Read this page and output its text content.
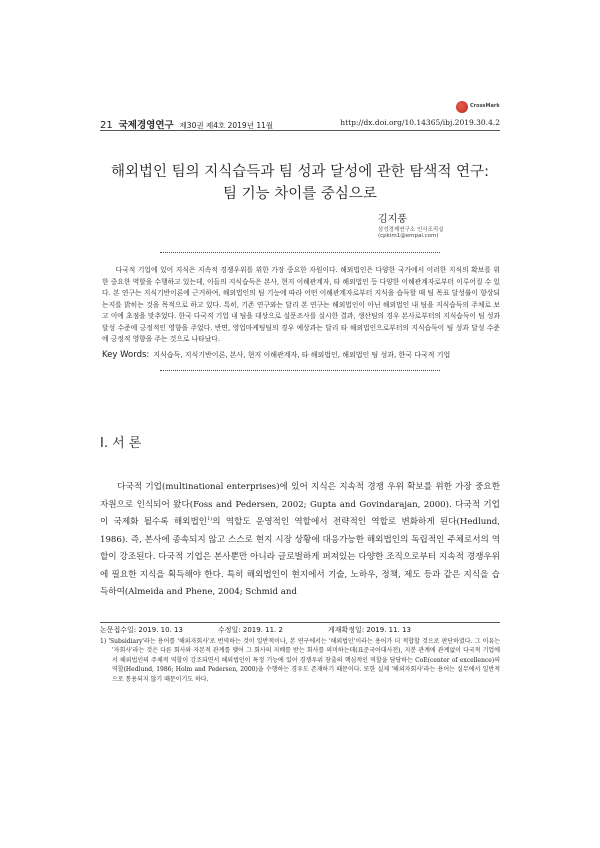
CrossMark
21 국제경영연구 제30권 제4호 2019년 11월	http://dx.doi.org/10.14365/ibj.2019.30.4.2
해외법인 팀의 지식습득과 팀 성과 달성에 관한 탐색적 연구:
팀 기능 차이를 중심으로
김지풍
삼성경제연구소 인사조직실
(cpkim1@empal.com)

다국적 기업에 있어 지식은 지속적 경쟁우위를 위한 가장 중요한 자원이다. 해외법인은 다양한 국가에서 이러한 지식의 확보를 위한 중요한 역할을 수행하고 있는데, 이들의 지식습득은 본사, 현지 이해관계자, 타 해외법인 등 다양한 이해관계자로부터 이루어질 수 있다. 본 연구는 지식기반이론에 근거하여, 해외법인의 팀 기능에 따라 어떤 이해관계자로부터 지식을 습득할 때 팀 목표 달성률이 향상되는지를 밝히는 것을 목적으로 하고 있다. 특히, 기존 연구와는 달리 본 연구는 해외법인이 아닌 해외법인 내 팀을 지식습득의 주체로 보고 이에 초점을 맞추었다. 한국 다국적 기업 내 팀을 대상으로 설문조사를 실시한 결과, 생산팀의 경우 본사로부터의 지식습득이 팀 성과 달성 수준에 긍정적인 영향을 주었다. 반면, 영업마케팅팀의 경우 예상과는 달리 타 해외법인으로부터의 지식습득이 팀 성과 달성 수준에 긍정적 영향을 주는 것으로 나타났다.

Key Words: 지식습득, 지식기반이론, 본사, 현지 이해관계자, 타 해외법인, 해외법인 팀 성과, 한국 다국적 기업
Ⅰ. 서 론

다국적 기업(multinational enterprises)에 있어 지식은 지속적 경쟁 우위 확보를 위한 가장 중요한 자원으로 인식되어 왔다(Foss and Pedersen, 2002; Gupta and Govindarajan, 2000). 다국적 기업이 국제화 될수록 해외법인$^{1)}$의 역할도 운영적인 역할에서 전략적인 역할로 변화하게 된다(Hedlund, 1986). 즉, 본사에 종속되지 않고 스스로 현지 시장 상황에 대응가능한 해외법인의 독립적인 주체로서의 역할이 강조된다. 다국적 기업은 본사뿐만 아니라 글로벌하게 퍼져있는 다양한 조직으로부터 지속적 경쟁우위에 필요한 지식을 획득해야 한다. 특히 해외법인이 현지에서 기술, 노하우, 정책, 제도 등과 같은 지식을 습득하여(Almeida and Phene, 2004; Schmid and

논문접수일: 2019. 10. 13	수정일: 2019. 11. 2	게재확정일: 2019. 11. 13

1) 'Subsidiary'라는 용어를 '해외자회사'로 번역하는 것이 일반적이나, 본 연구에서는 '해외법인'이라는 용어가 더 적합할 것으로 판단하였다. 그 이유는 '자회사'라는 것은 다른 회사와 자본적 관계를 맺어 그 회사의 지배를 받는 회사를 의미하는데(표준국어대사전), 지분 관계에 관계없이 다국적 기업에서 해외법인의 주체적 역할이 강조되면서 해외법인이 특정 기능에 있어 경쟁우위 창출의 핵심적인 역할을 담당하는 CoE(center of excellence)의 역할(Hedlund, 1986; Holm and Pedersen, 2000)을 수행하는 경우도 존재하기 때문이다. 또한 실제 '해외자회사'라는 용어는 실무에서 일반적으로 통용되지 않기 때문이기도 하다.
